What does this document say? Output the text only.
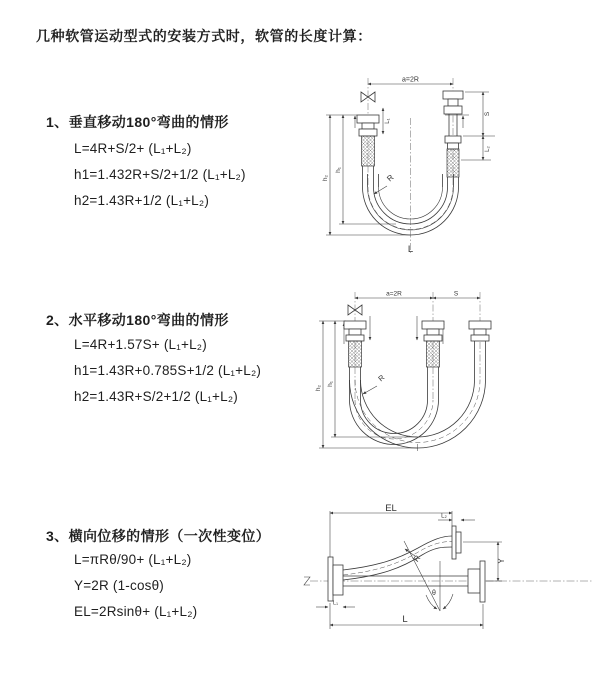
几种软管运动型式的安装方式时，软管的长度计算：
1、垂直移动180°弯曲的情形
L=4R+S/2+ (L₁+L₂)
h1=1.432R+S/2+1/2 (L₁+L₂)
h2=1.43R+1/2 (L₁+L₂)
2、水平移动180°弯曲的情形
L=4R+1.57S+ (L₁+L₂)
h1=1.43R+0.785S+1/2 (L₁+L₂)
h2=1.43R+S/2+1/2 (L₁+L₂)
3、横向位移的情形（一次性变位）
L=πRθ/90+ (L₁+L₂)
Y=2R (1-cosθ)
EL=2Rsinθ+ (L₁+L₂)
a=2R
h₂
h₁
L₁
S
L₂
R
L
a=2R	S
h₂
h₁
R
EL
L₂
Y
R
θ
L
L₁
